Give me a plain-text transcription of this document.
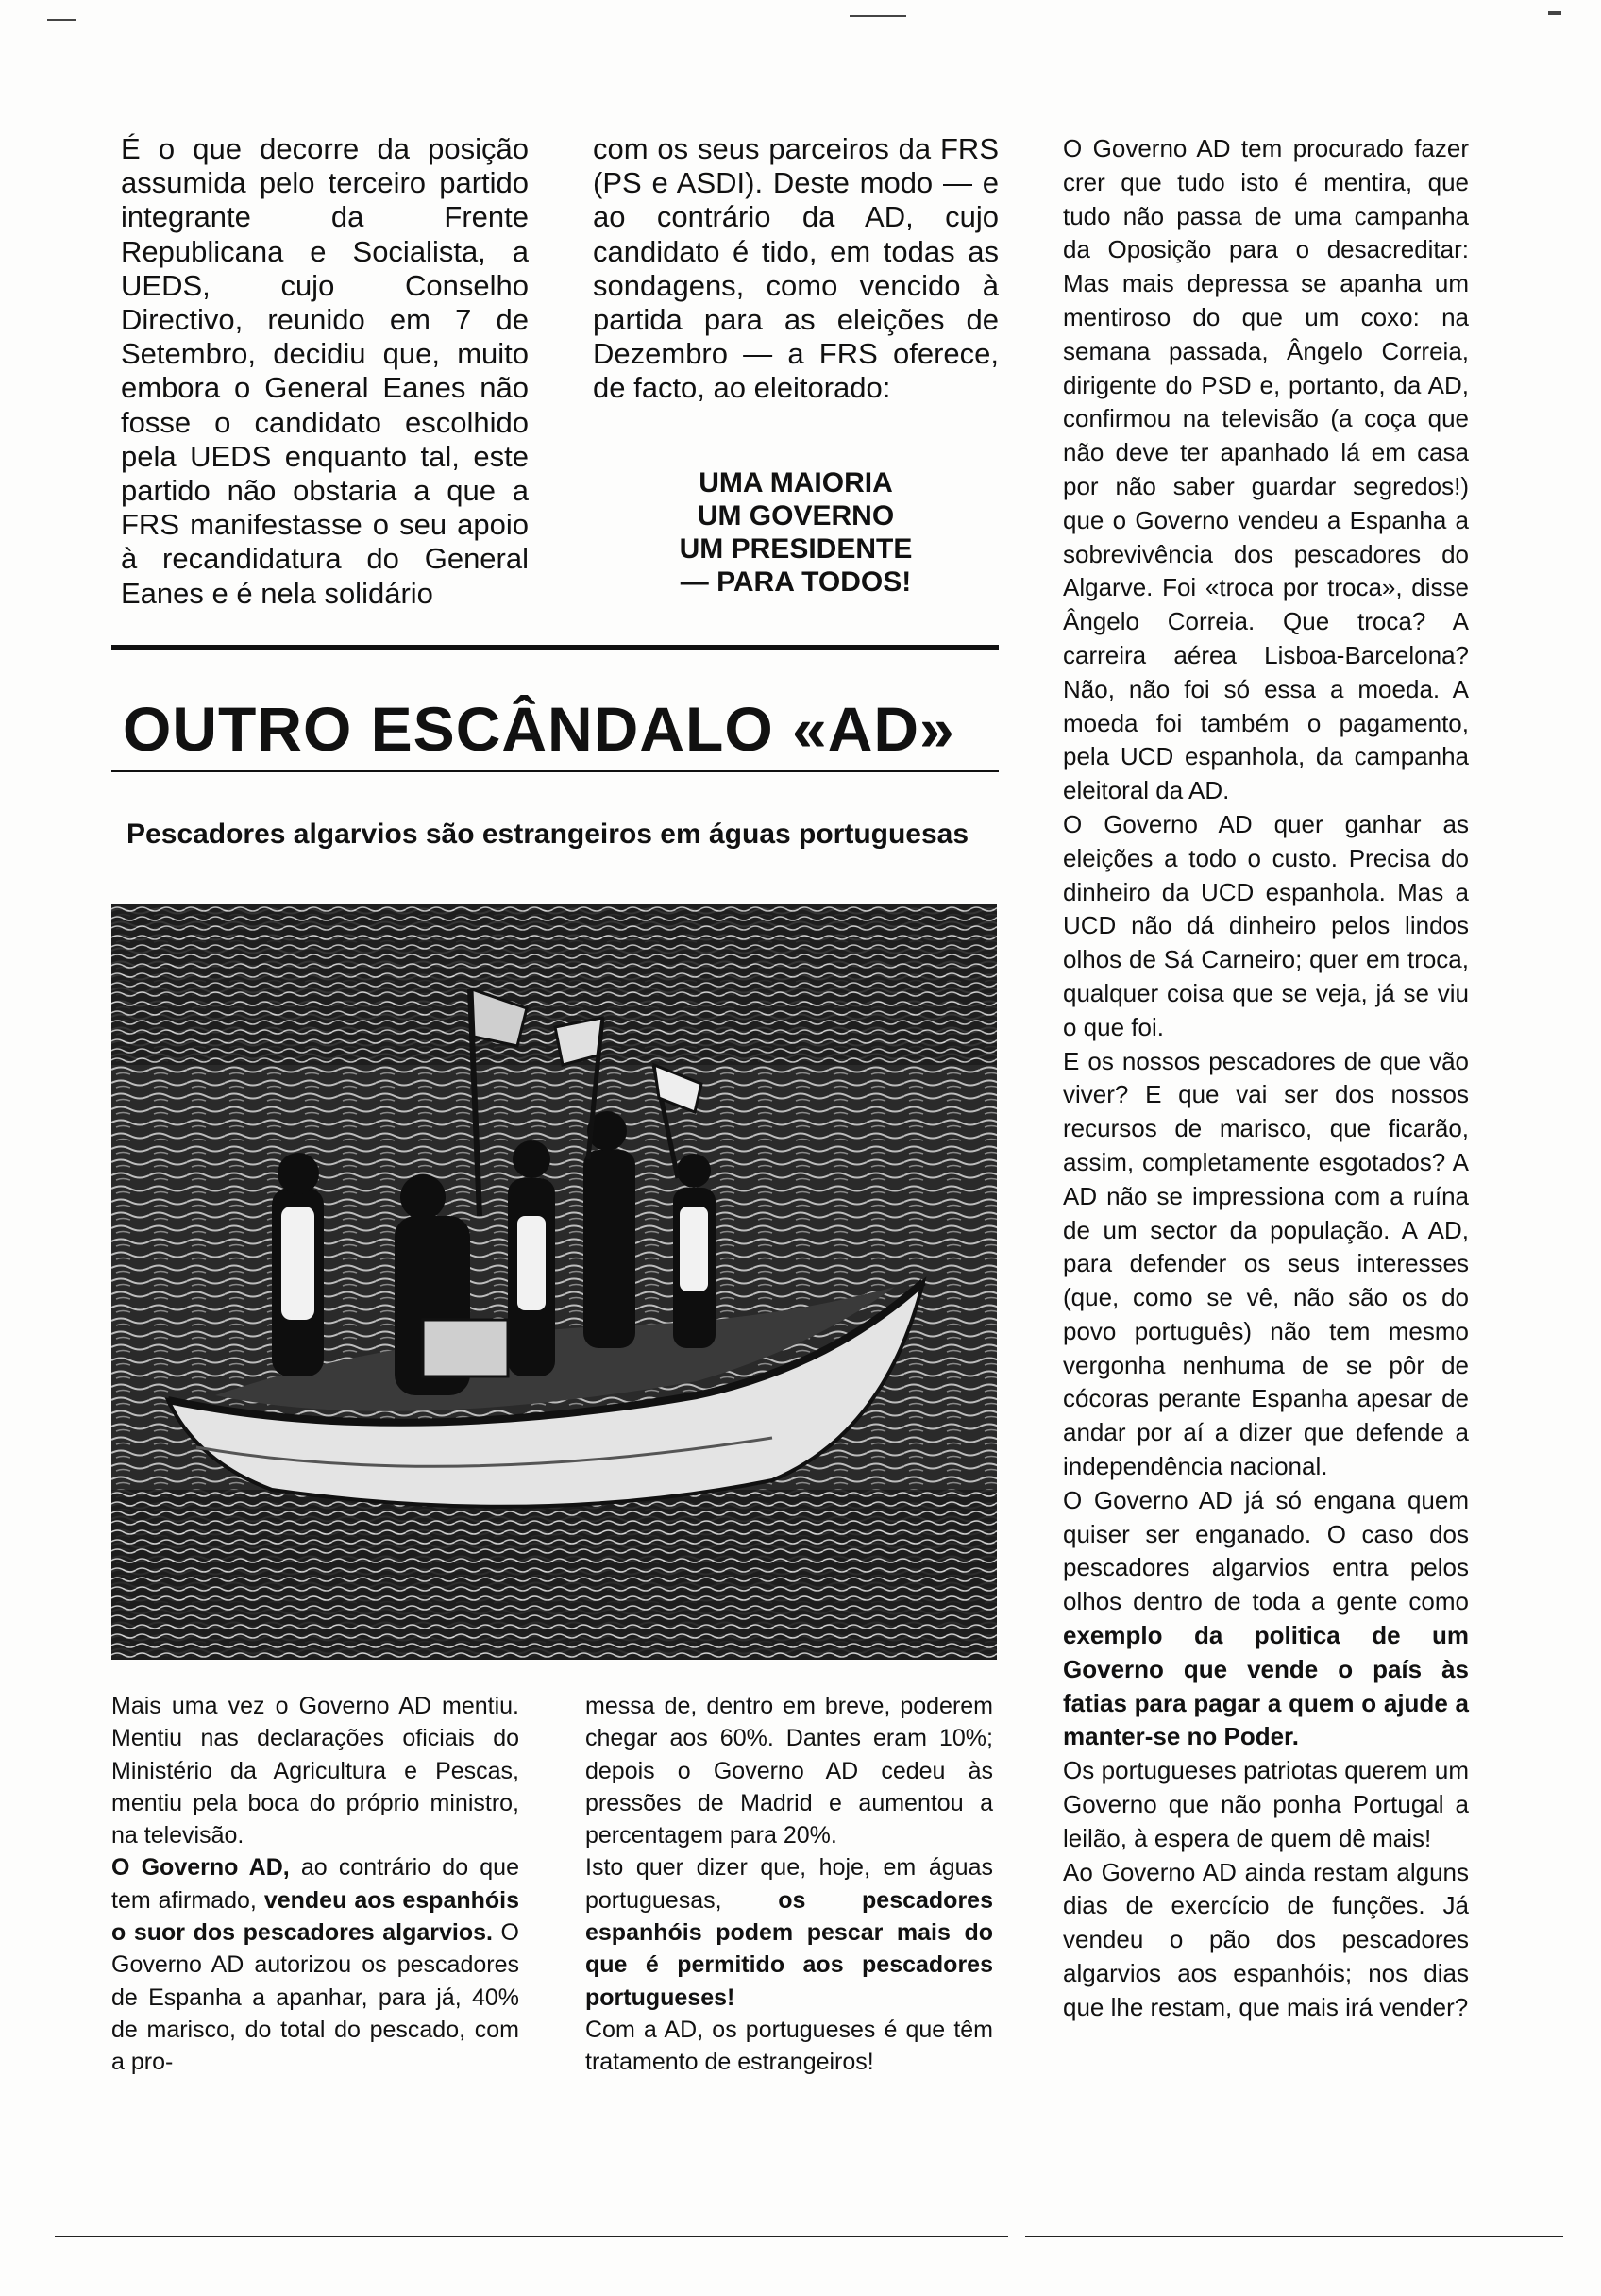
É o que decorre da posição assumida pelo terceiro partido integrante da Frente Republicana e Socialista, a UEDS, cujo Conselho Directivo, reunido em 7 de Setembro, decidiu que, muito embora o General Eanes não fosse o candidato escolhido pela UEDS enquanto tal, este partido não obstaria a que a FRS manifestasse o seu apoio à recandidatura do General Eanes e é nela solidário

com os seus parceiros da FRS (PS e ASDI). Deste modo — e ao contrário da AD, cujo candidato é tido, em todas as sondagens, como vencido à partida para as eleições de Dezembro — a FRS oferece, de facto, ao eleitorado:

UMA MAIORIA
UM GOVERNO
UM PRESIDENTE
— PARA TODOS!
OUTRO ESCÂNDALO «AD»
Pescadores algarvios são estrangeiros em águas portuguesas

Mais uma vez o Governo AD mentiu. Mentiu nas declarações oficiais do Ministério da Agricultura e Pescas, mentiu pela boca do próprio ministro, na televisão.

O Governo AD, ao contrário do que tem afirmado, vendeu aos espanhóis o suor dos pescadores algarvios. O Governo AD autorizou os pescadores de Espanha a apanhar, para já, 40% de marisco, do total do pescado, com a pro-

messa de, dentro em breve, poderem chegar aos 60%. Dantes eram 10%; depois o Governo AD cedeu às pressões de Madrid e aumentou a percentagem para 20%.

Isto quer dizer que, hoje, em águas portuguesas, os pescadores espanhóis podem pescar mais do que é permitido aos pescadores portugueses!

Com a AD, os portugueses é que têm tratamento de estrangeiros!

O Governo AD tem procurado fazer crer que tudo isto é mentira, que tudo não passa de uma campanha da Oposição para o desacreditar: Mas mais depressa se apanha um mentiroso do que um coxo: na semana passada, Ângelo Correia, dirigente do PSD e, portanto, da AD, confirmou na televisão (a coça que não deve ter apanhado lá em casa por não saber guardar segredos!) que o Governo vendeu a Espanha a sobrevivência dos pescadores do Algarve. Foi «troca por troca», disse Ângelo Correia. Que troca? A carreira aérea Lisboa-Barcelona? Não, não foi só essa a moeda. A moeda foi também o pagamento, pela UCD espanhola, da campanha eleitoral da AD.

O Governo AD quer ganhar as eleições a todo o custo. Precisa do dinheiro da UCD espanhola. Mas a UCD não dá dinheiro pelos lindos olhos de Sá Carneiro; quer em troca, qualquer coisa que se veja, já se viu o que foi.

E os nossos pescadores de que vão viver? E que vai ser dos nossos recursos de marisco, que ficarão, assim, completamente esgotados? A AD não se impressiona com a ruína de um sector da população. A AD, para defender os seus interesses (que, como se vê, não são os do povo português) não tem mesmo vergonha nenhuma de se pôr de cócoras perante Espanha apesar de andar por aí a dizer que defende a independência nacional.

O Governo AD já só engana quem quiser ser enganado. O caso dos pescadores algarvios entra pelos olhos dentro de toda a gente como exemplo da politica de um Governo que vende o país às fatias para pagar a quem o ajude a manter-se no Poder.

Os portugueses patriotas querem um Governo que não ponha Portugal a leilão, à espera de quem dê mais!

Ao Governo AD ainda restam alguns dias de exercício de funções. Já vendeu o pão dos pescadores algarvios aos espanhóis; nos dias que lhe restam, que mais irá vender?
